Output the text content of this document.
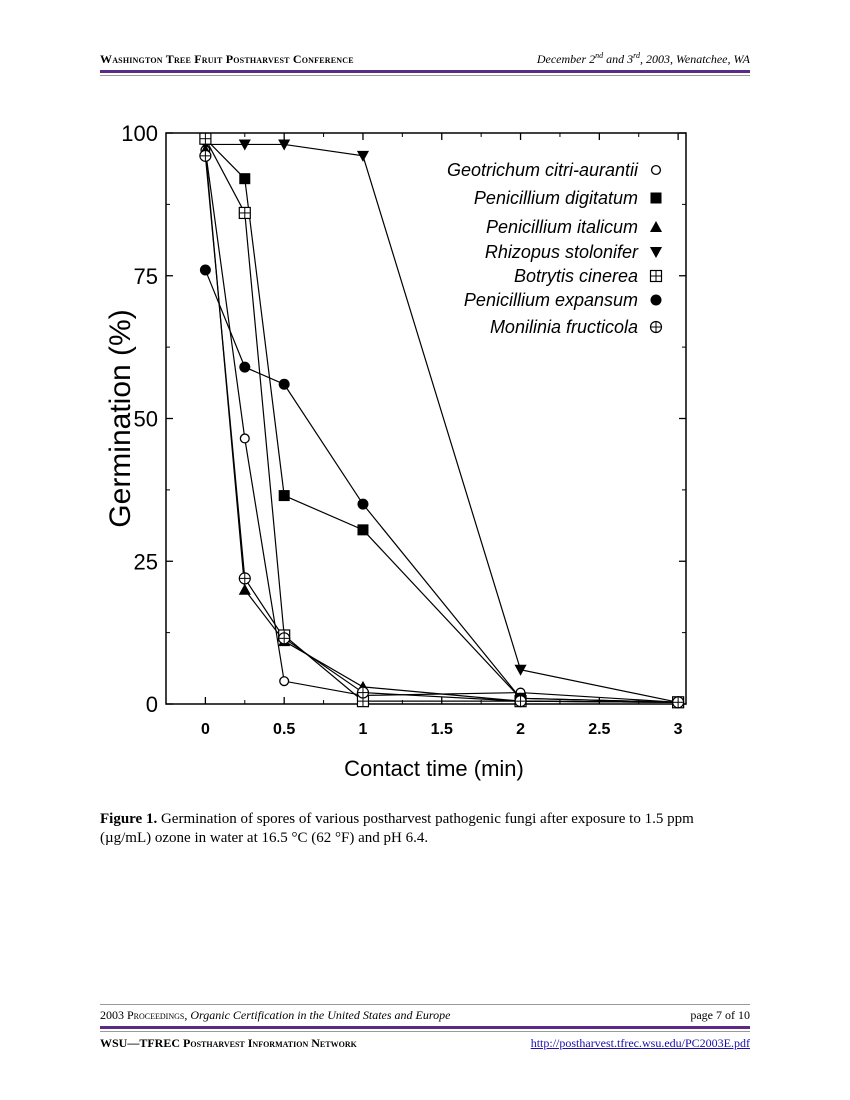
Washington Tree Fruit Postharvest Conference	December 2nd and 3rd, 2003, Wenatchee, WA
0	0.5	1	1.5	2	2.5	3
0
25
50
75
100
Contact time (min)
Germination (%)
Geotrichum citri-aurantii
Penicillium digitatum
Penicillium italicum
Rhizopus stolonifer
Botrytis cinerea
Penicillium expansum
Monilinia fructicola
Figure 1. Germination of spores of various postharvest pathogenic fungi after exposure to 1.5 ppm (µg/mL) ozone in water at 16.5 °C (62 °F) and pH 6.4.
2003 Proceedings, Organic Certification in the United States and Europe	page 7 of 10
WSU—TFREC Postharvest Information Network	http://postharvest.tfrec.wsu.edu/PC2003E.pdf
